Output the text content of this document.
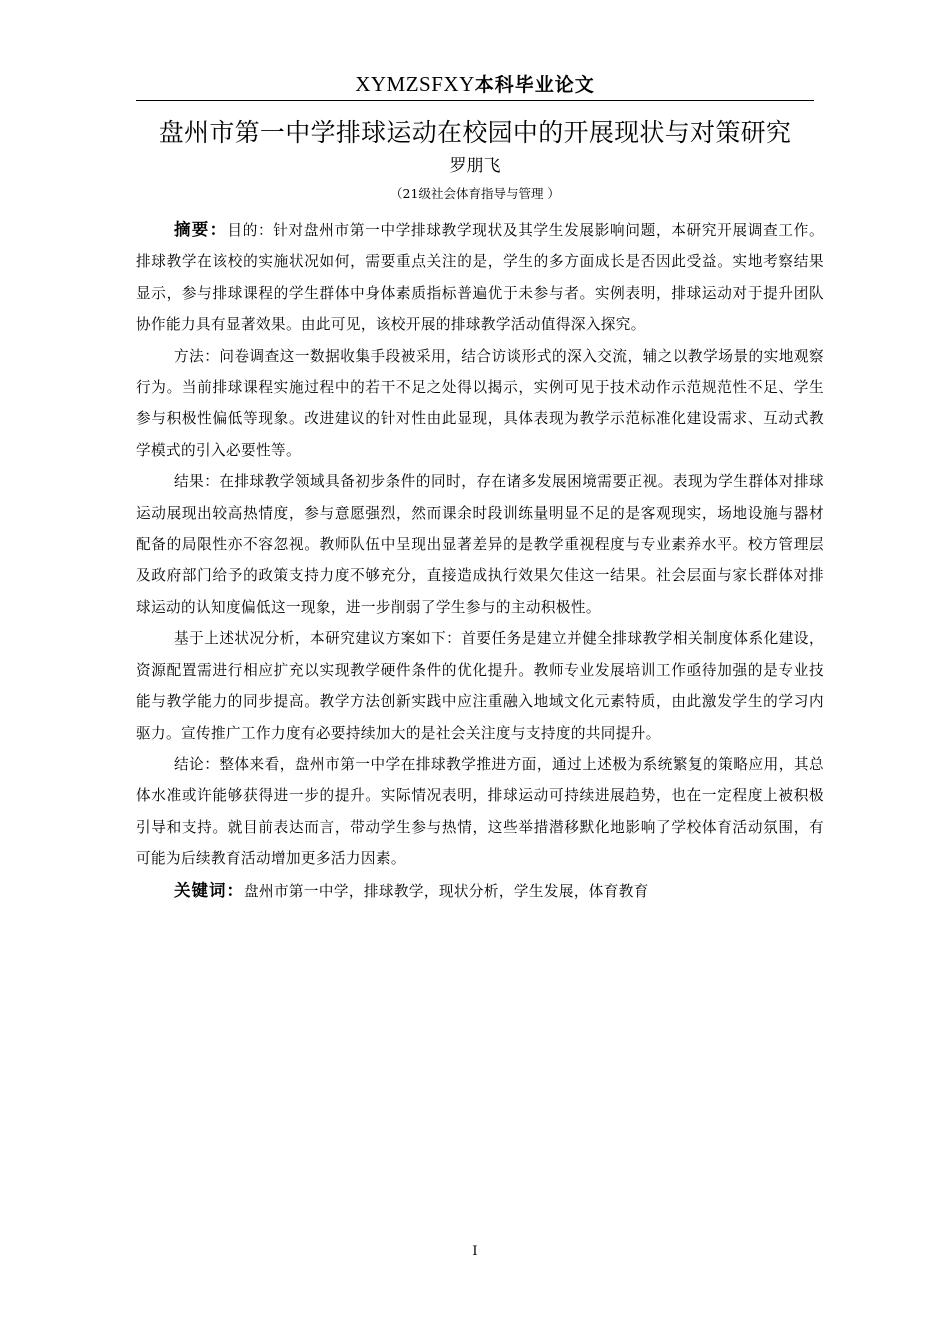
XYMZSFXY本科毕业论文
盘州市第一中学排球运动在校园中的开展现状与对策研究
罗朋飞
（21级社会体育指导与管理 ）

摘要：目的：针对盘州市第一中学排球教学现状及其学生发展影响问题，本研究开展调查工作。排球教学在该校的实施状况如何，需要重点关注的是，学生的多方面成长是否因此受益。实地考察结果显示，参与排球课程的学生群体中身体素质指标普遍优于未参与者。实例表明，排球运动对于提升团队协作能力具有显著效果。由此可见，该校开展的排球教学活动值得深入探究。

方法：问卷调查这一数据收集手段被采用，结合访谈形式的深入交流，辅之以教学场景的实地观察行为。当前排球课程实施过程中的若干不足之处得以揭示，实例可见于技术动作示范规范性不足、学生参与积极性偏低等现象。改进建议的针对性由此显现，具体表现为教学示范标准化建设需求、互动式教学模式的引入必要性等。

结果：在排球教学领域具备初步条件的同时，存在诸多发展困境需要正视。表现为学生群体对排球运动展现出较高热情度，参与意愿强烈，然而课余时段训练量明显不足的是客观现实，场地设施与器材配备的局限性亦不容忽视。教师队伍中呈现出显著差异的是教学重视程度与专业素养水平。校方管理层及政府部门给予的政策支持力度不够充分，直接造成执行效果欠佳这一结果。社会层面与家长群体对排球运动的认知度偏低这一现象，进一步削弱了学生参与的主动积极性。

基于上述状况分析，本研究建议方案如下：首要任务是建立并健全排球教学相关制度体系化建设，资源配置需进行相应扩充以实现教学硬件条件的优化提升。教师专业发展培训工作亟待加强的是专业技能与教学能力的同步提高。教学方法创新实践中应注重融入地域文化元素特质，由此激发学生的学习内驱力。宣传推广工作力度有必要持续加大的是社会关注度与支持度的共同提升。

结论：整体来看，盘州市第一中学在排球教学推进方面，通过上述极为系统繁复的策略应用，其总体水准或许能够获得进一步的提升。实际情况表明，排球运动可持续进展趋势，也在一定程度上被积极引导和支持。就目前表达而言，带动学生参与热情，这些举措潜移默化地影响了学校体育活动氛围，有可能为后续教育活动增加更多活力因素。

关键词：盘州市第一中学，排球教学，现状分析，学生发展，体育教育

I
